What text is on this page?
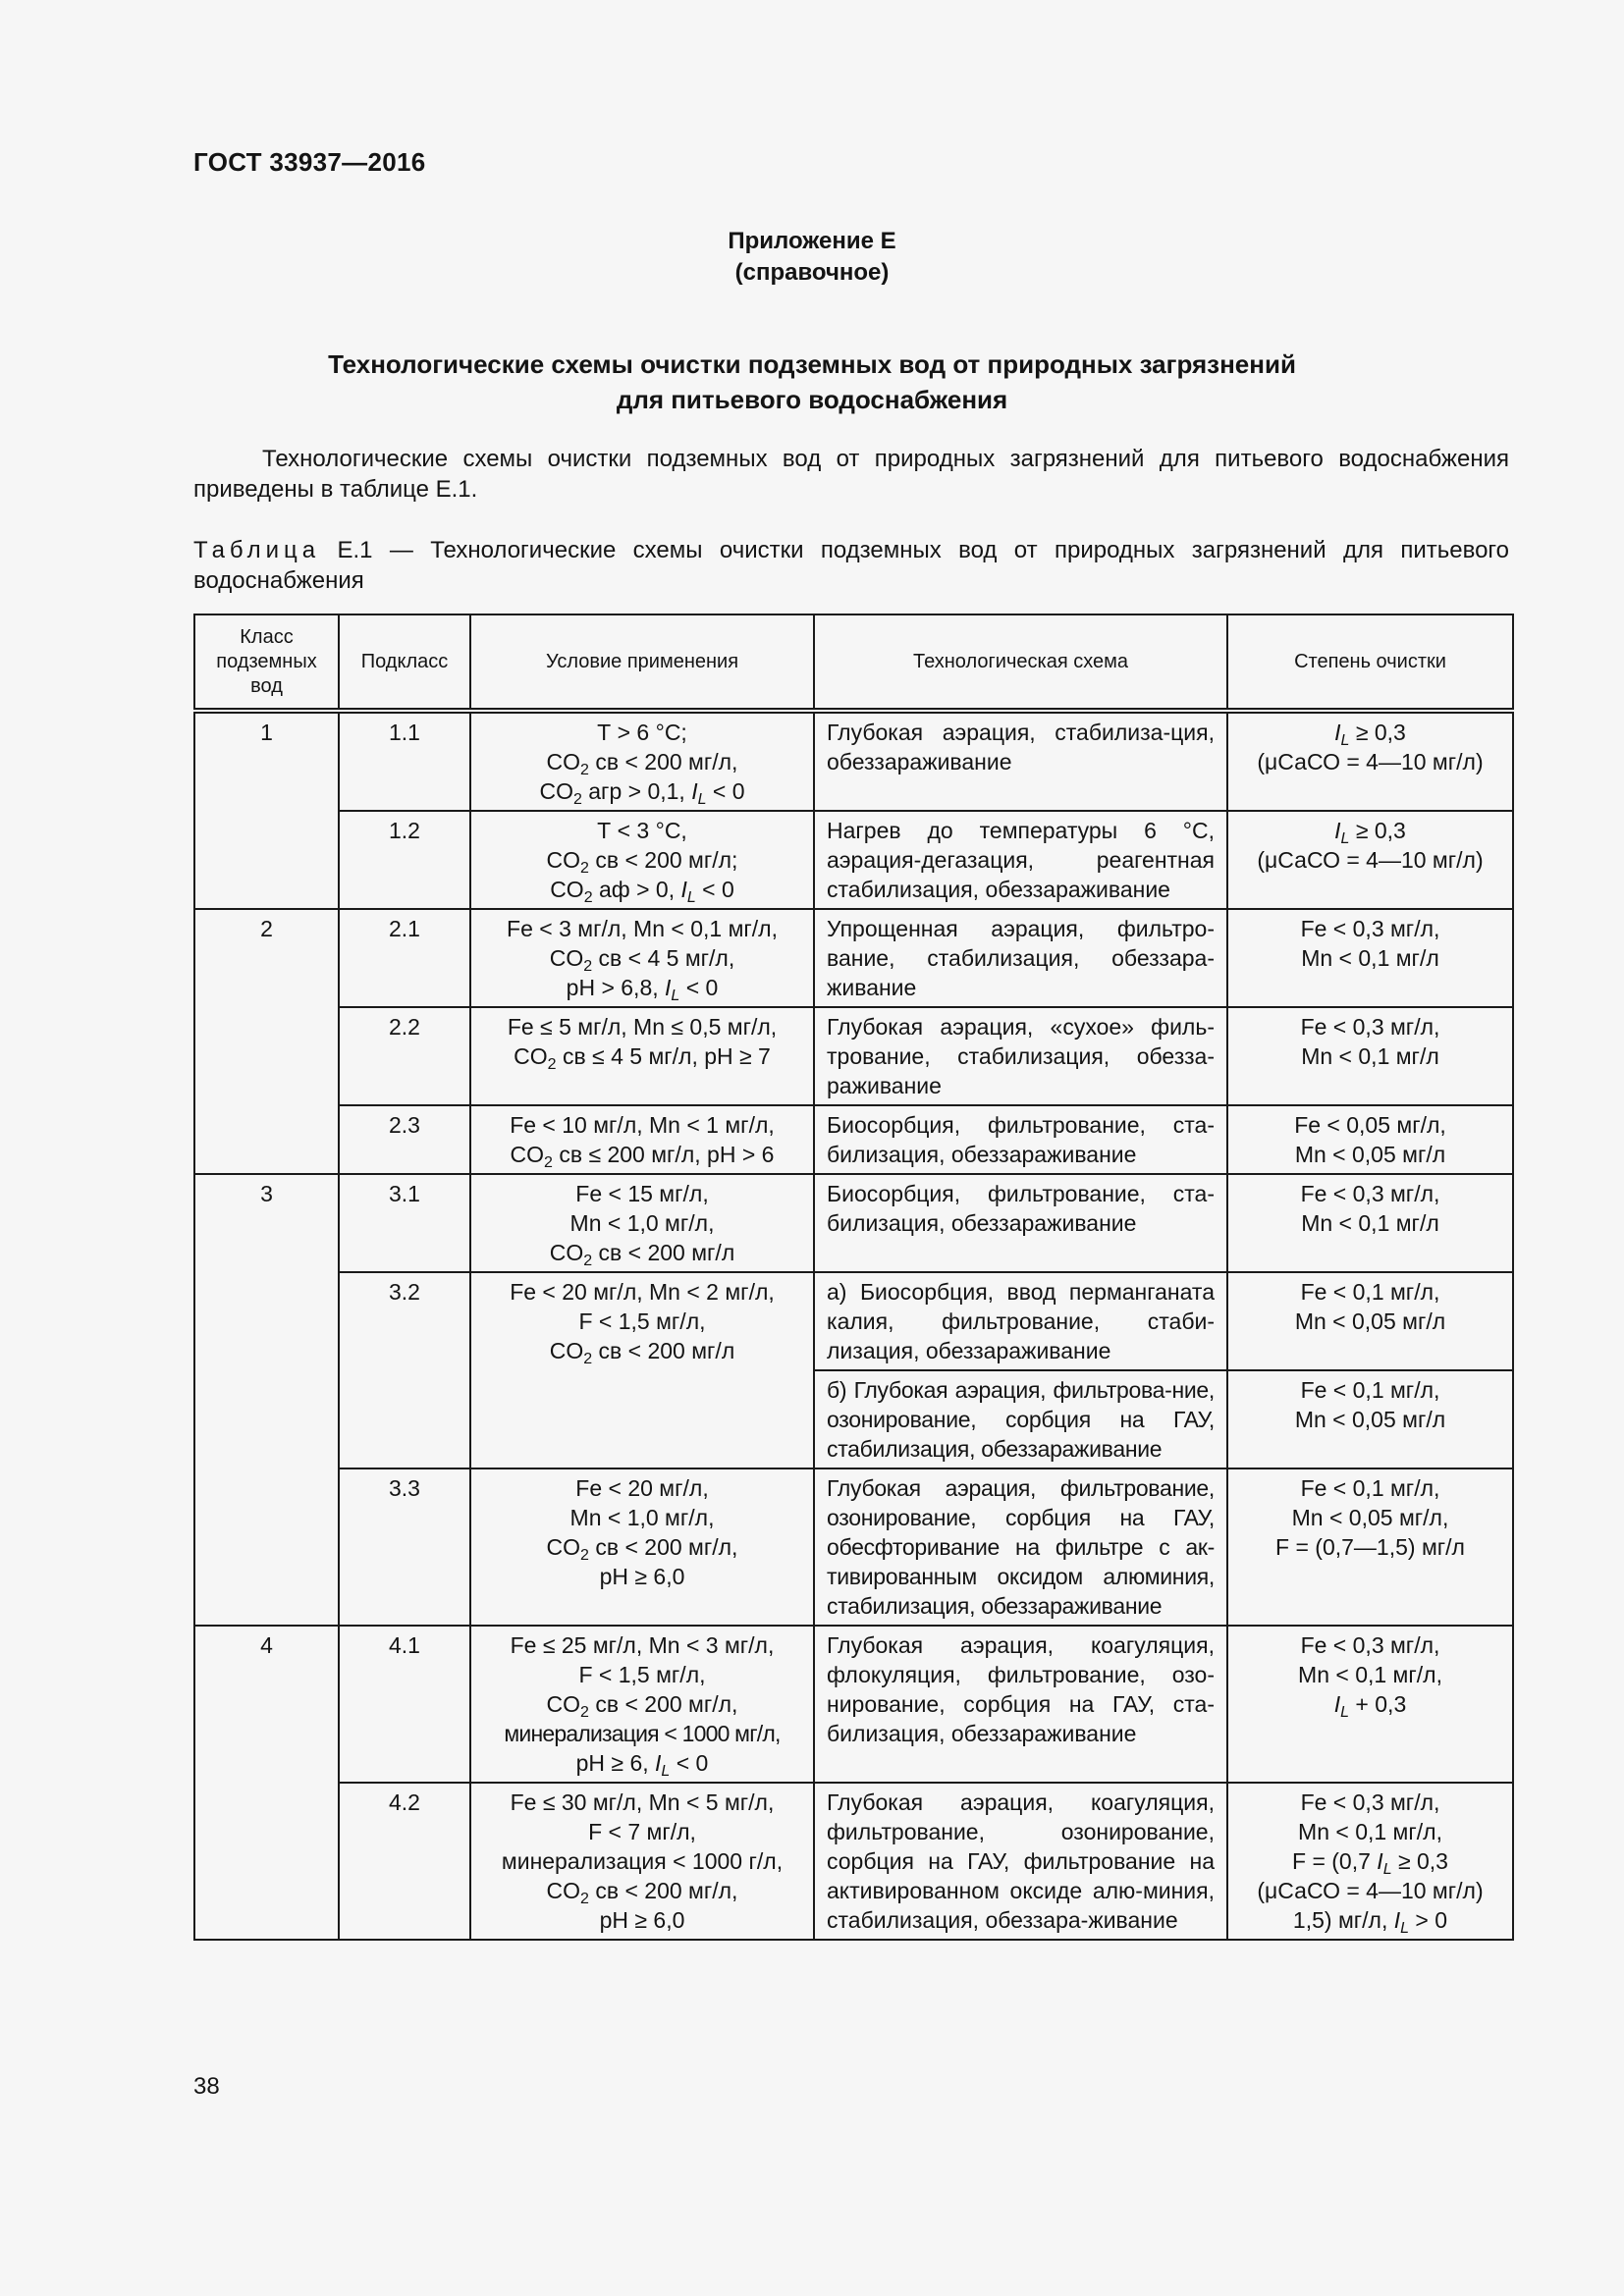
ГОСТ 33937—2016
Приложение Е
(справочное)
Технологические схемы очистки подземных вод от природных загрязнений
для питьевого водоснабжения
Технологические схемы очистки подземных вод от природных загрязнений для питьевого водоснабжения приведены в таблице Е.1.
Таблица Е.1 — Технологические схемы очистки подземных вод от природных загрязнений для питьевого водоснабжения
Класс подземных вод	Подкласс	Условие применения	Технологическая схема	Степень очистки
1	1.1	Т > 6 °С;
$CO_2$ св < 200 мг/л,
$CO_2$ агр > 0,1, $I_L < 0$	Глубокая аэрация, стабилиза-ция, обеззараживание	$I_L \ge 0,3$
(μСаСО = 4—10 мг/л)

	1.2	Т < 3 °С,
$CO_2$ св < 200 мг/л;
$CO_2$ аф > 0, $I_L < 0$	Нагрев до температуры 6 °С, аэрация-дегазация, реагентная стабилизация, обеззараживание	$I_L \ge 0,3$
(μСаСО = 4—10 мг/л)

2	2.1	Fe < 3 мг/л, Mn < 0,1 мг/л,
$CO_2$ св < 4 5 мг/л,
рН > 6,8, $I_L < 0$	Упрощенная аэрация, фильтро-вание, стабилизация, обеззара-живание	Fe < 0,3 мг/л,
Mn < 0,1 мг/л

	2.2	Fe ≤ 5 мг/л, Mn ≤ 0,5 мг/л,
$CO_2$ св ≤ 4 5 мг/л, рН ≥ 7	Глубокая аэрация, «сухое» филь-трование, стабилизация, обезза-раживание	Fe < 0,3 мг/л,
Mn < 0,1 мг/л

	2.3	Fe < 10 мг/л, Mn < 1 мг/л,
$CO_2$ св ≤ 200 мг/л, рН > 6	Биосорбция, фильтрование, ста-билизация, обеззараживание	Fe < 0,05 мг/л,
Mn < 0,05 мг/л

3	3.1	Fe < 15 мг/л,
Mn < 1,0 мг/л,
$CO_2$ св < 200 мг/л	Биосорбция, фильтрование, ста-билизация, обеззараживание	Fe < 0,3 мг/л,
Mn < 0,1 мг/л

	3.2	Fe < 20 мг/л, Mn < 2 мг/л,
F < 1,5 мг/л,
$CO_2$ св < 200 мг/л	а) Биосорбция, ввод перманганата калия, фильтрование, стаби-лизация, обеззараживание	Fe < 0,1 мг/л,
Mn < 0,05 мг/л

			б) Глубокая аэрация, фильтрова-ние, озонирование, сорбция на ГАУ, стабилизация, обеззараживание	Fe < 0,1 мг/л,
Mn < 0,05 мг/л

	3.3	Fe < 20 мг/л,
Mn < 1,0 мг/л,
$CO_2$ св < 200 мг/л,
рН ≥ 6,0	Глубокая аэрация, фильтрование, озонирование, сорбция на ГАУ, обесфторивание на фильтре с ак-тивированным оксидом алюминия, стабилизация, обеззараживание	Fe < 0,1 мг/л,
Mn < 0,05 мг/л,
F = (0,7—1,5) мг/л

4	4.1	Fe ≤ 25 мг/л, Mn < 3 мг/л,
F < 1,5 мг/л,
$CO_2$ св < 200 мг/л,
минерализация < 1000 мг/л,
рН ≥ 6, $I_L < 0$	Глубокая аэрация, коагуляция, флокуляция, фильтрование, озо-нирование, сорбция на ГАУ, ста-билизация, обеззараживание	Fe < 0,3 мг/л,
Mn < 0,1 мг/л,
$I_L + 0,3$

	4.2	Fe ≤ 30 мг/л, Mn < 5 мг/л,
F < 7 мг/л,
минерализация < 1000 г/л,
$CO_2$ св < 200 мг/л,
рН ≥ 6,0	Глубокая аэрация, коагуляция, фильтрование, озонирование, сорбция на ГАУ, фильтрование на активированном оксиде алю-миния, стабилизация, обеззара-живание	Fe < 0,3 мг/л,
Mn < 0,1 мг/л,
F = (0,7 $I_L \ge 0,3$
(μСаСО = 4—10 мг/л)
1,5) мг/л, $I_L > 0$
38
